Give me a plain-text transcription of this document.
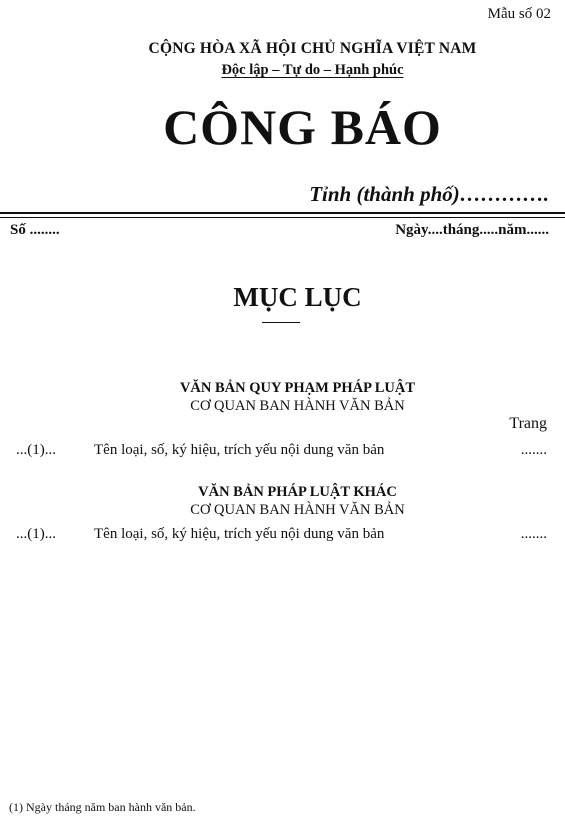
Mẫu số 02
CỘNG HÒA XÃ HỘI CHỦ NGHĨA VIỆT NAM
Độc lập – Tự do – Hạnh phúc
CÔNG BÁO
Tỉnh (thành phố)………….
Số ........	Ngày....tháng.....năm......
MỤC LỤC
VĂN BẢN QUY PHẠM PHÁP LUẬT
CƠ QUAN BAN HÀNH VĂN BẢN
Trang
...(1)...	Tên loại, số, ký hiệu, trích yếu nội dung văn bản	.......
VĂN BẢN PHÁP LUẬT KHÁC
CƠ QUAN BAN HÀNH VĂN BẢN
...(1)...	Tên loại, số, ký hiệu, trích yếu nội dung văn bản	.......
(1) Ngày tháng năm ban hành văn bản.
